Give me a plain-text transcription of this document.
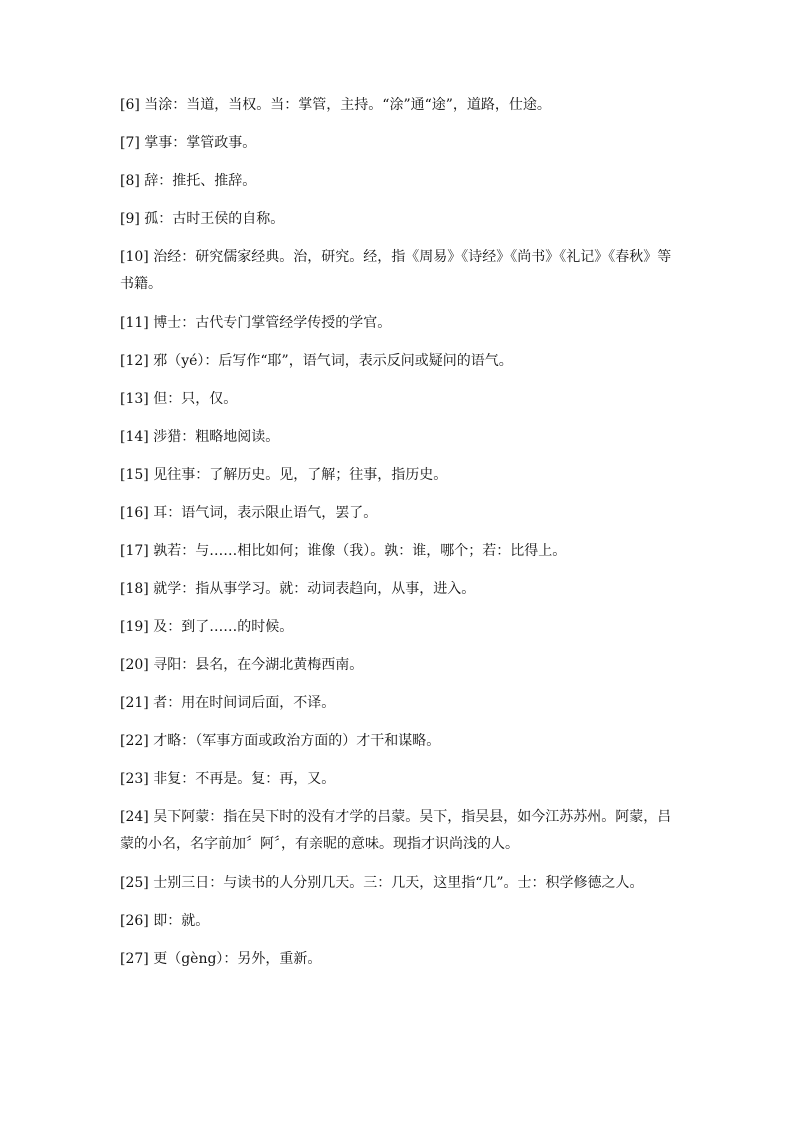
[6] 当涂：当道，当权。当：掌管，主持。“涂”通“途”，道路，仕途。

[7] 掌事：掌管政事。

[8] 辞：推托、推辞。

[9] 孤：古时王侯的自称。

[10] 治经：研究儒家经典。治，研究。经，指《周易》《诗经》《尚书》《礼记》《春秋》等书籍。

[11] 博士：古代专门掌管经学传授的学官。

[12] 邪（yé）：后写作“耶”，语气词，表示反问或疑问的语气。

[13] 但：只，仅。

[14] 涉猎：粗略地阅读。

[15] 见往事：了解历史。见，了解；往事，指历史。

[16] 耳：语气词，表示限止语气，罢了。

[17] 孰若：与……相比如何；谁像（我）。孰：谁，哪个；若：比得上。

[18] 就学：指从事学习。就：动词表趋向，从事，进入。

[19] 及：到了……的时候。

[20] 寻阳：县名，在今湖北黄梅西南。

[21] 者：用在时间词后面，不译。

[22] 才略：（军事方面或政治方面的）才干和谋略。

[23] 非复：不再是。复：再，又。

[24] 吴下阿蒙：指在吴下时的没有才学的吕蒙。吴下，指吴县，如今江苏苏州。阿蒙，吕蒙的小名，名字前加〞阿〞，有亲昵的意味。现指才识尚浅的人。

[25] 士别三日：与读书的人分别几天。三：几天，这里指“几”。士：积学修德之人。

[26] 即：就。

[27] 更（gèng）：另外，重新。
